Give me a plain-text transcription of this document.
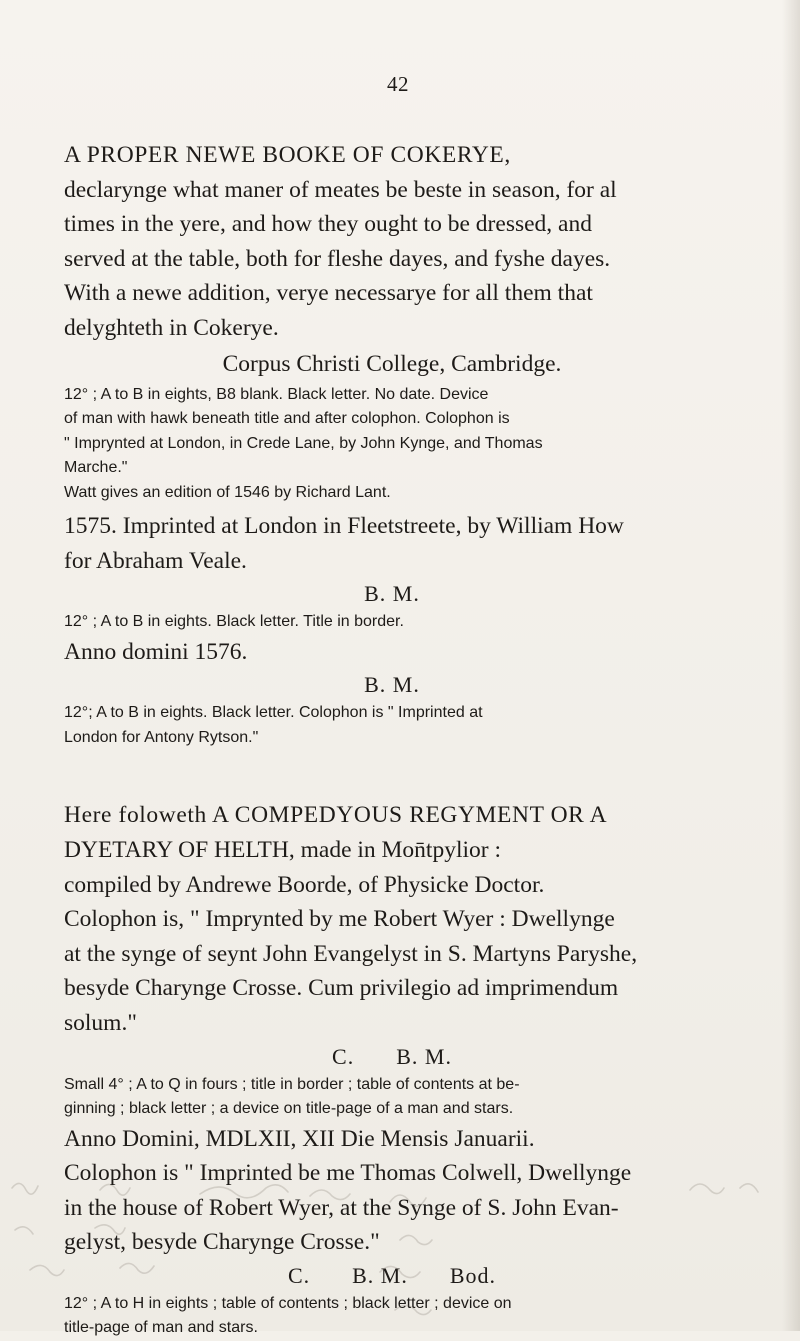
42

A PROPER NEWE BOOKE OF COKERYE,

declarynge what maner of meates be beste in season, for al

times in the yere, and how they ought to be dressed, and

served at the table, both for fleshe dayes, and fyshe dayes.

With a newe addition, verye necessarye for all them that

delyghteth in Cokerye.

Corpus Christi College, Cambridge.

12° ; A to B in eights, B8 blank. Black letter. No date. Device

of man with hawk beneath title and after colophon. Colophon is

" Imprynted at London, in Crede Lane, by John Kynge, and Thomas

Marche."

Watt gives an edition of 1546 by Richard Lant.

1575. Imprinted at London in Fleetstreete, by William How

for Abraham Veale.

B. M.

12° ; A to B in eights. Black letter. Title in border.

Anno domini 1576.

B. M.

12°; A to B in eights. Black letter. Colophon is " Imprinted at

London for Antony Rytson."

Here foloweth A COMPEDYOUS REGYMENT OR A

DYETARY OF HELTH, made in Mon̄tpylior :

compiled by Andrewe Boorde, of Physicke Doctor.

Colophon is, " Imprynted by me Robert Wyer : Dwellynge

at the synge of seynt John Evangelyst in S. Martyns Paryshe,

besyde Charynge Crosse. Cum privilegio ad imprimendum

solum."

C. B. M.

Small 4° ; A to Q in fours ; title in border ; table of contents at be-

ginning ; black letter ; a device on title-page of a man and stars.

Anno Domini, MDLXII, XII Die Mensis Januarii.

Colophon is " Imprinted be me Thomas Colwell, Dwellynge

in the house of Robert Wyer, at the Synge of S. John Evan-

gelyst, besyde Charynge Crosse."

C. B. M. Bod.

12° ; A to H in eights ; table of contents ; black letter ; device on

title-page of man and stars.
